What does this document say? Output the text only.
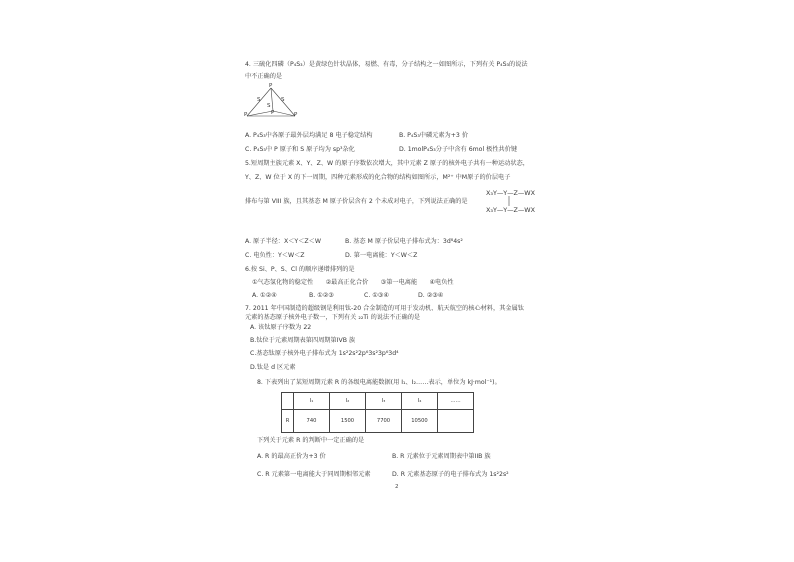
4. 三硫化四磷（P₄S₃）是黄绿色针状晶体，易燃、有毒，分子结构之一如图所示，下列有关 P₄S₃的说法
中不正确的是
P
S	S
S
P	P	P
A. P₄S₃中各原子最外层均满足 8 电子稳定结构	B. P₄S₃中磷元素为+3 价
C. P₄S₃中 P 原子和 S 原子均为 sp³杂化	D. 1molP₄S₃分子中含有 6mol 极性共价键
5.短周期主族元素 X、Y、Z、W 的原子序数依次增大，其中元素 Z 原子的核外电子共有一种运动状态，
Y、Z、W 位于 X 的下一周期，四种元素形成的化合物的结构如图所示，M²⁺ 中M原子的价层电子
X₃Y—Y—Z—WX
排布与第 VIII 族，且其基态 M 原子价层含有 2 个未成对电子，下列说法正确的是
X₃Y—Y—Z—WX
A. 原子半径：X＜Y＜Z＜W	B. 基态 M 原子价层电子排布式为：3d⁸4s²
C. 电负性：Y＜W＜Z	D. 第一电离能：Y＜W＜Z
6.按 Si、P、S、Cl 的顺序递增排列的是
①气态氢化物的稳定性　　②最高正化合价　　③第一电离能　　④电负性
A. ①②④	B. ①②③	C. ①③④	D. ②③④
7. 2011 年中国制造的超级钢是利用钛-20 合金制造的可用于发动机、航天航空的核心材料，其金属钛
元素的基态原子核外电子数一，下列有关 ₂₂Ti 的说法不正确的是
A. 该钛原子序数为 22
B.钛位于元素周期表第四周期第IVB 族
C.基态钛原子核外电子排布式为 1s²2s²2p⁶3s²3p⁶3d⁴
D.钛是 d 区元素
8. 下表列出了某短周期元素 R 的各级电离能数据(用 I₁、I₂……表示，单位为 kJ·mol⁻¹)。
	I₁	I₂	I₃	I₄	……
R	740	1500	7700	10500	
下列关于元素 R 的判断中一定正确的是
A. R 的最高正价为+3 价	B. R 元素位于元素周期表中第IIB 族
C. R 元素第一电离能大于同周期相邻元素	D. R 元素基态原子的电子排布式为 1s²2s²
2
